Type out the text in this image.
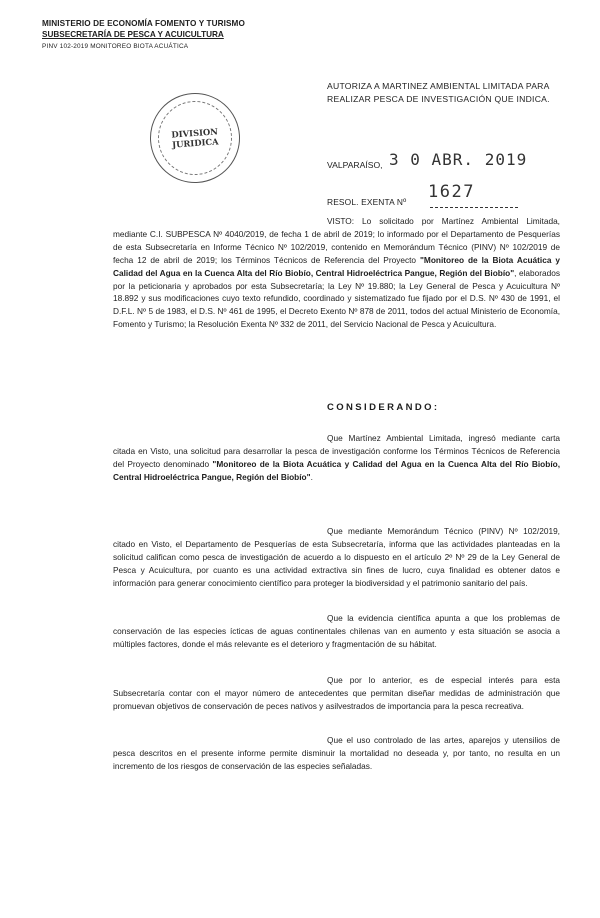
MINISTERIO DE ECONOMÍA FOMENTO Y TURISMO
SUBSECRETARÍA DE PESCA Y ACUICULTURA
PINV 102-2019 MONITOREO BIOTA ACUÁTICA
DIVISION
JURIDICA
AUTORIZA A MARTINEZ AMBIENTAL LIMITADA PARA REALIZAR PESCA DE INVESTIGACIÓN QUE INDICA.
VALPARAÍSO, 3 0 ABR. 2019
RESOL. EXENTA Nº 1627
VISTO: Lo solicitado por Martínez Ambiental Limitada, mediante C.I. SUBPESCA Nº 4040/2019, de fecha 1 de abril de 2019; lo informado por el Departamento de Pesquerías de esta Subsecretaría en Informe Técnico Nº 102/2019, contenido en Memorándum Técnico (PINV) Nº 102/2019 de fecha 12 de abril de 2019; los Términos Técnicos de Referencia del Proyecto "Monitoreo de la Biota Acuática y Calidad del Agua en la Cuenca Alta del Río Biobío, Central Hidroeléctrica Pangue, Región del Biobío", elaborados por la peticionaria y aprobados por esta Subsecretaría; la Ley Nº 19.880; la Ley General de Pesca y Acuicultura Nº 18.892 y sus modificaciones cuyo texto refundido, coordinado y sistematizado fue fijado por el D.S. Nº 430 de 1991, el D.F.L. Nº 5 de 1983, el D.S. Nº 461 de 1995, el Decreto Exento Nº 878 de 2011, todos del actual Ministerio de Economía, Fomento y Turismo; la Resolución Exenta Nº 332 de 2011, del Servicio Nacional de Pesca y Acuicultura.
CONSIDERANDO:
Que Martínez Ambiental Limitada, ingresó mediante carta citada en Visto, una solicitud para desarrollar la pesca de investigación conforme los Términos Técnicos de Referencia del Proyecto denominado "Monitoreo de la Biota Acuática y Calidad del Agua en la Cuenca Alta del Río Biobío, Central Hidroeléctrica Pangue, Región del Biobío".
Que mediante Memorándum Técnico (PINV) Nº 102/2019, citado en Visto, el Departamento de Pesquerías de esta Subsecretaría, informa que las actividades planteadas en la solicitud califican como pesca de investigación de acuerdo a lo dispuesto en el artículo 2º Nº 29 de la Ley General de Pesca y Acuicultura, por cuanto es una actividad extractiva sin fines de lucro, cuya finalidad es obtener datos e información para generar conocimiento científico para proteger la biodiversidad y el patrimonio sanitario del país.
Que la evidencia científica apunta a que los problemas de conservación de las especies ícticas de aguas continentales chilenas van en aumento y esta situación se asocia a múltiples factores, donde el más relevante es el deterioro y fragmentación de su hábitat.
Que por lo anterior, es de especial interés para esta Subsecretaría contar con el mayor número de antecedentes que permitan diseñar medidas de administración que promuevan objetivos de conservación de peces nativos y asilvestrados de importancia para la pesca recreativa.
Que el uso controlado de las artes, aparejos y utensilios de pesca descritos en el presente informe permite disminuir la mortalidad no deseada y, por tanto, no resulta en un incremento de los riesgos de conservación de las especies señaladas.
